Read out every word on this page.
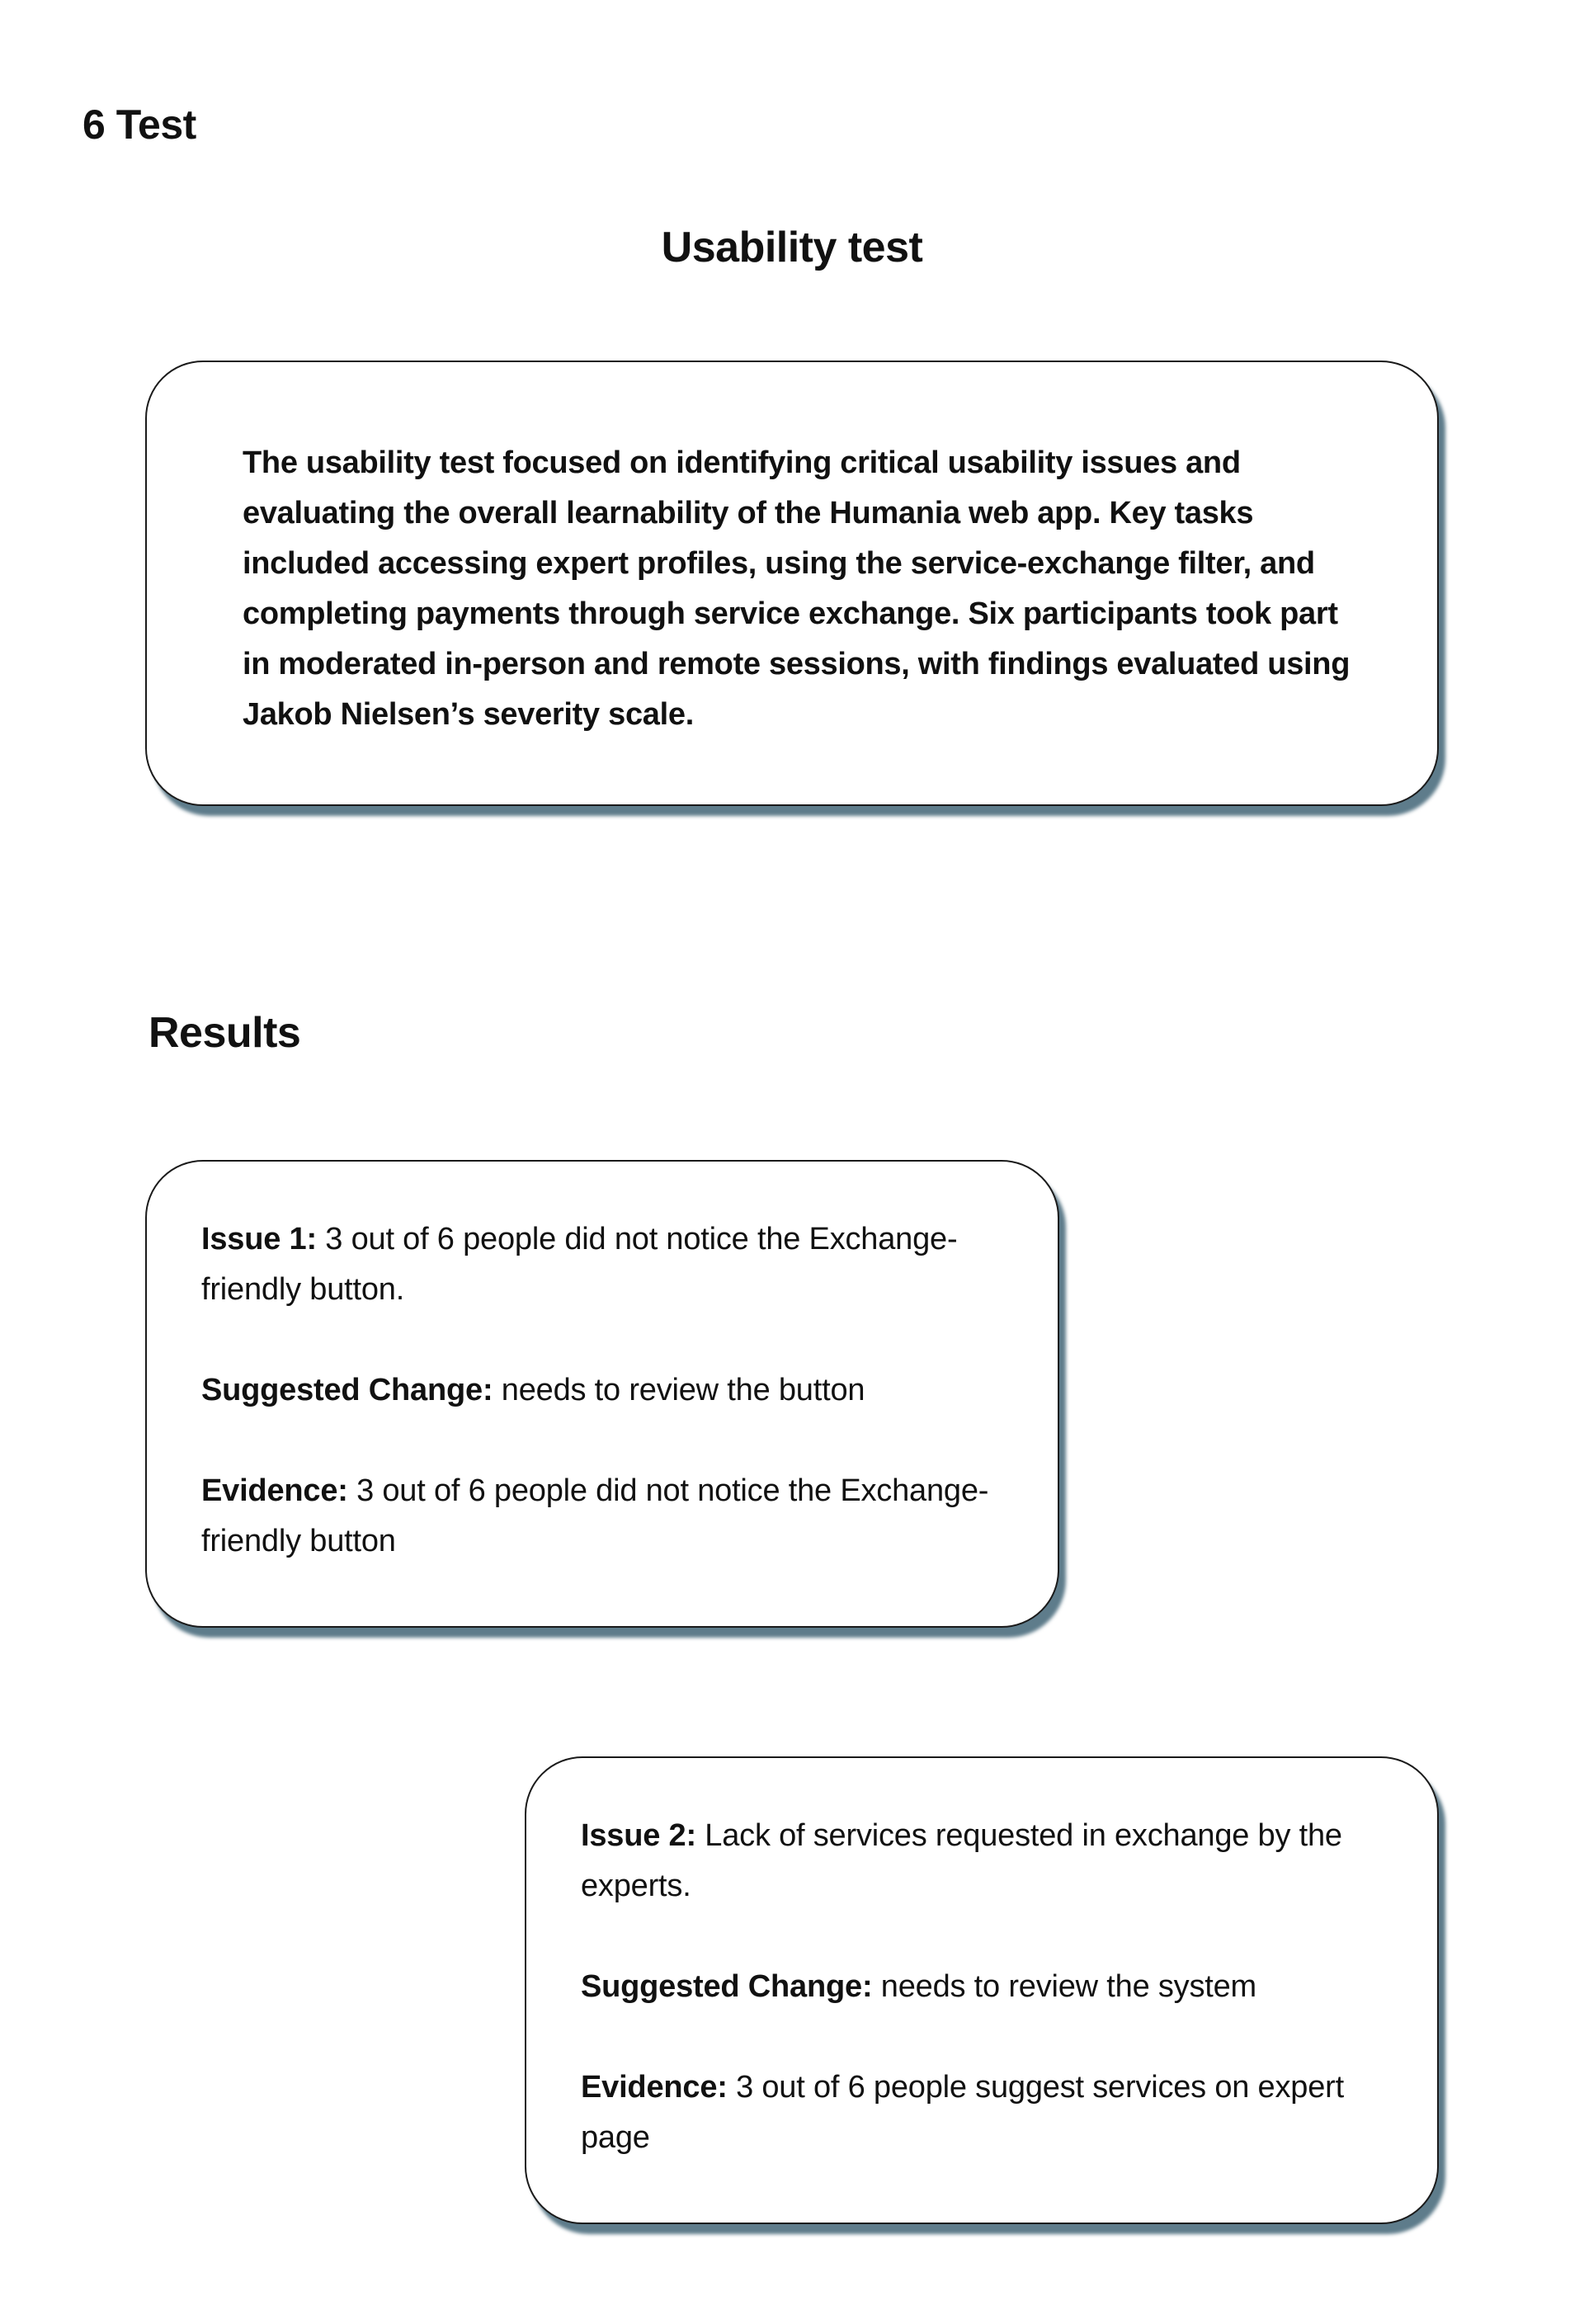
6 Test
Usability test

The usability test focused on identifying critical usability issues and evaluating the overall learnability of the Humania web app. Key tasks included accessing expert profiles, using the service-exchange filter, and completing payments through service exchange. Six participants took part in moderated in-person and remote sessions, with findings evaluated using Jakob Nielsen’s severity scale.

Results

Issue 1: 3 out of 6 people did not notice the Exchange-friendly button.

Suggested Change: needs to review the button

Evidence: 3 out of 6 people did not notice the Exchange-friendly button

Issue 2: Lack of services requested in exchange by the experts.

Suggested Change: needs to review the system

Evidence: 3 out of 6 people suggest services on expert page
